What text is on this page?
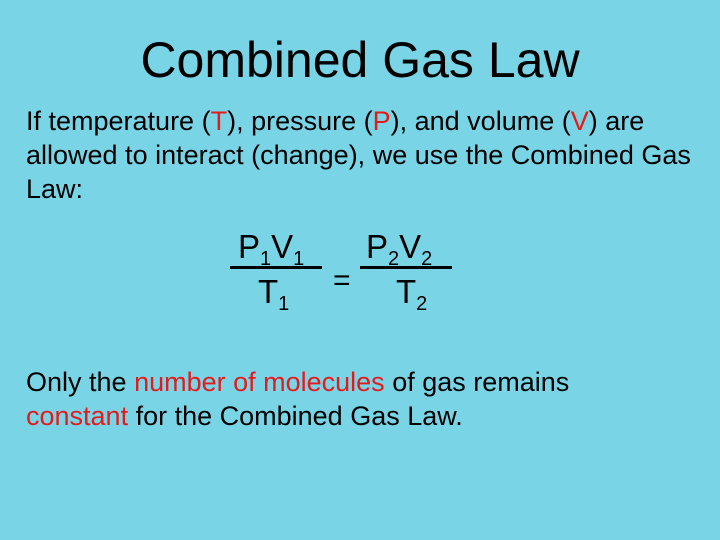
Combined Gas Law
If temperature (T), pressure (P), and volume (V) are allowed to interact (change), we use the Combined Gas Law:
$P_1V_1$
$T_1$
=
$P_2V_2$
$T_2$
Only the number of molecules of gas remains constant for the Combined Gas Law.
